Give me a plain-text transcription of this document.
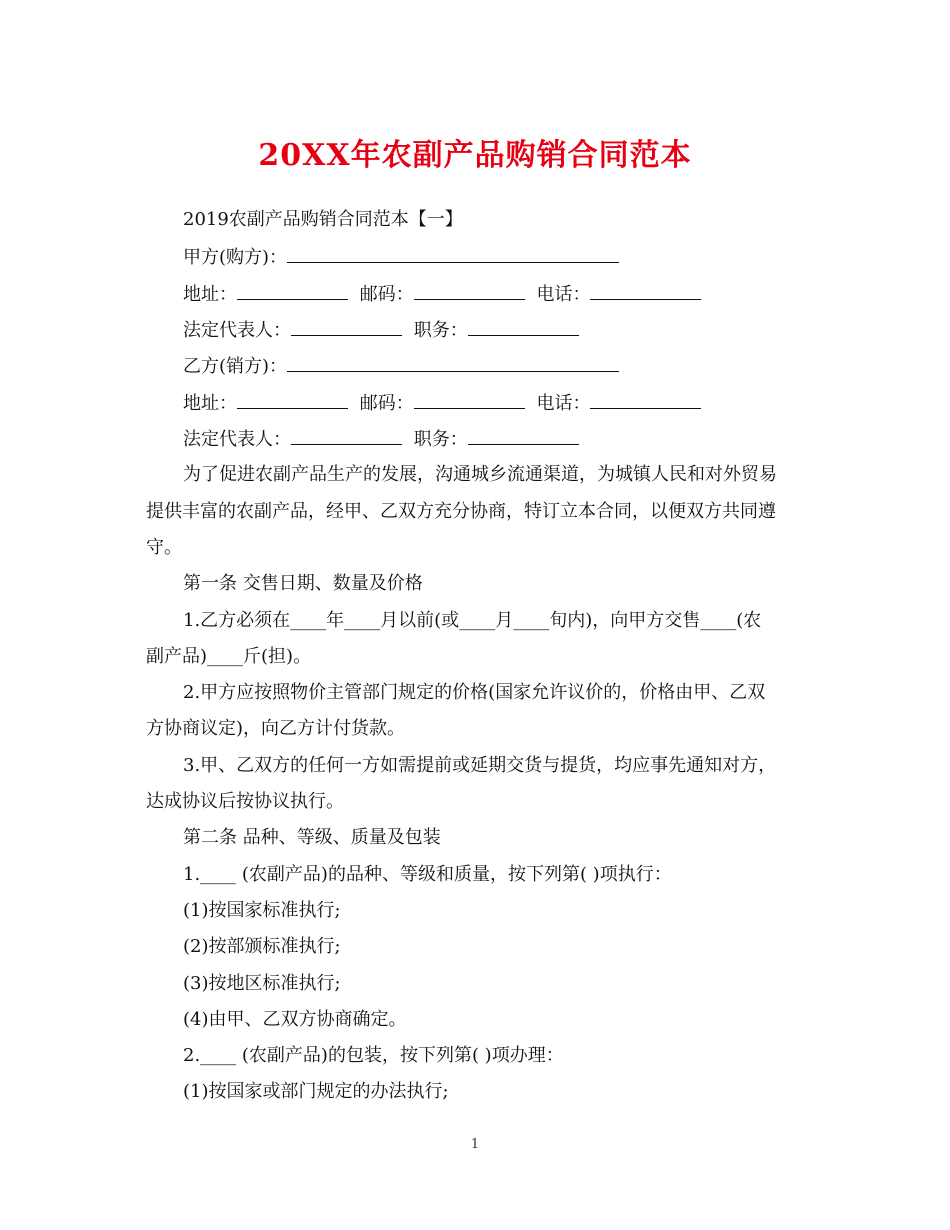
20XX年农副产品购销合同范本
2019农副产品购销合同范本【一】
甲方(购方)：
地址：	邮码：	电话：
法定代表人：	职务：
乙方(销方)：
地址：	邮码：	电话：
法定代表人：	职务：
为了促进农副产品生产的发展，沟通城乡流通渠道，为城镇人民和对外贸易
提供丰富的农副产品，经甲、乙双方充分协商，特订立本合同，以便双方共同遵
守。
第一条 交售日期、数量及价格
1.乙方必须在____年____月以前(或____月____旬内)，向甲方交售____(农
副产品)____斤(担)。
2.甲方应按照物价主管部门规定的价格(国家允许议价的，价格由甲、乙双
方协商议定)，向乙方计付货款。
3.甲、乙双方的任何一方如需提前或延期交货与提货，均应事先通知对方，
达成协议后按协议执行。
第二条 品种、等级、质量及包装
1.____ (农副产品)的品种、等级和质量，按下列第( )项执行：
(1)按国家标准执行;
(2)按部颁标准执行;
(3)按地区标准执行;
(4)由甲、乙双方协商确定。
2.____ (农副产品)的包装，按下列第( )项办理：
(1)按国家或部门规定的办法执行;
1
